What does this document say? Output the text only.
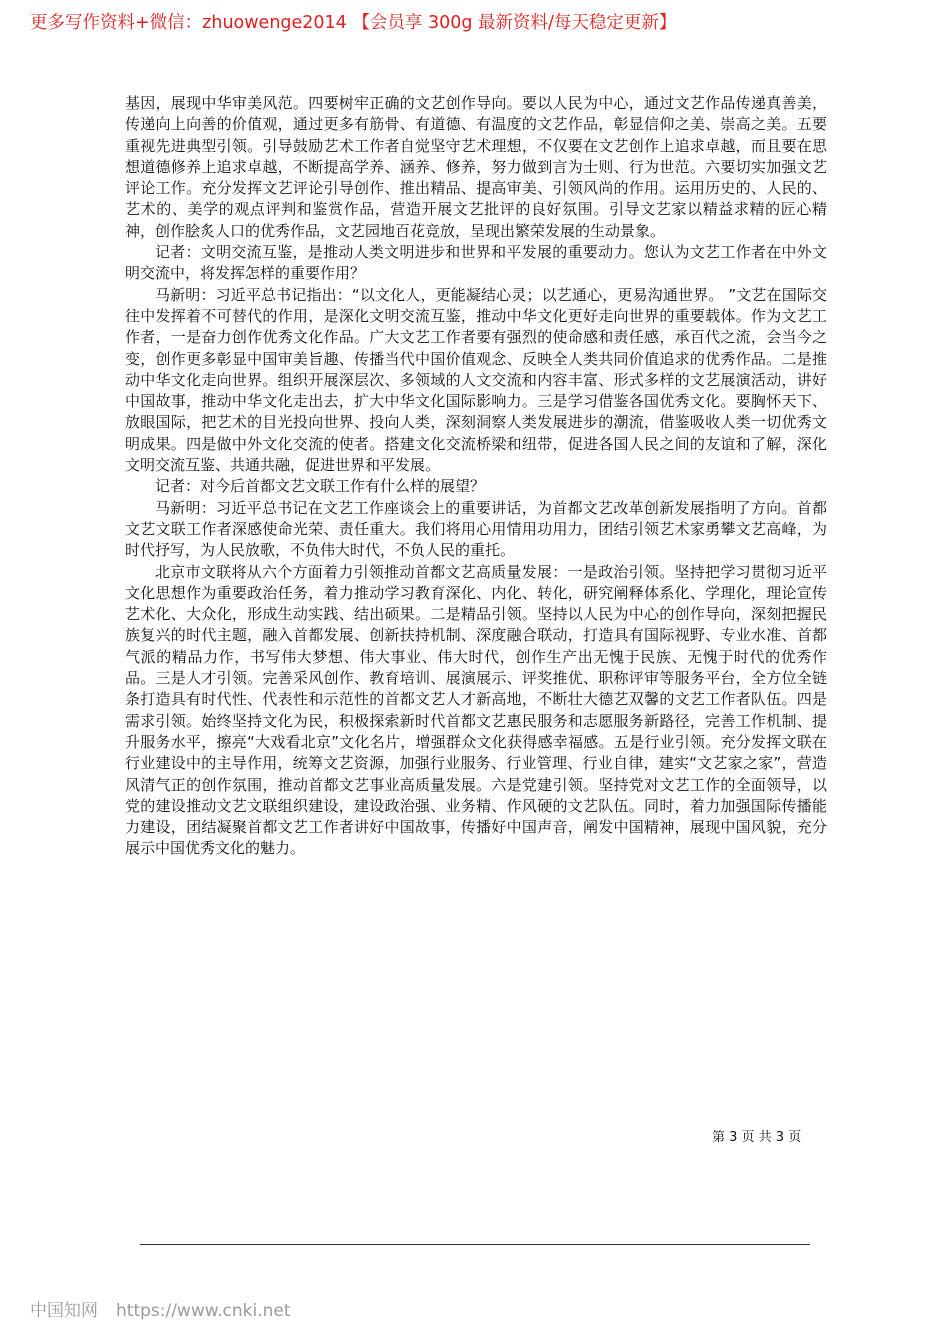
更多写作资料+微信：zhuowenge2014 【会员享 300g 最新资料/每天稳定更新】

基因，展现中华审美风范。四要树牢正确的文艺创作导向。要以人民为中心，通过文艺作品传递真善美，传递向上向善的价值观，通过更多有筋骨、有道德、有温度的文艺作品，彰显信仰之美、崇高之美。五要重视先进典型引领。引导鼓励艺术工作者自觉坚守艺术理想，不仅要在文艺创作上追求卓越，而且要在思想道德修养上追求卓越，不断提高学养、涵养、修养，努力做到言为士则、行为世范。六要切实加强文艺评论工作。充分发挥文艺评论引导创作、推出精品、提高审美、引领风尚的作用。运用历史的、人民的、艺术的、美学的观点评判和鉴赏作品，营造开展文艺批评的良好氛围。引导文艺家以精益求精的匠心精神，创作脍炙人口的优秀作品，文艺园地百花竞放，呈现出繁荣发展的生动景象。

记者：文明交流互鉴，是推动人类文明进步和世界和平发展的重要动力。您认为文艺工作者在中外文明交流中，将发挥怎样的重要作用？

马新明：习近平总书记指出：“以文化人，更能凝结心灵；以艺通心，更易沟通世界。 ”文艺在国际交往中发挥着不可替代的作用，是深化文明交流互鉴，推动中华文化更好走向世界的重要载体。作为文艺工作者，一是奋力创作优秀文化作品。广大文艺工作者要有强烈的使命感和责任感，承百代之流，会当今之变，创作更多彰显中国审美旨趣、传播当代中国价值观念、反映全人类共同价值追求的优秀作品。二是推动中华文化走向世界。组织开展深层次、多领域的人文交流和内容丰富、形式多样的文艺展演活动，讲好中国故事，推动中华文化走出去，扩大中华文化国际影响力。三是学习借鉴各国优秀文化。要胸怀天下、放眼国际，把艺术的目光投向世界、投向人类，深刻洞察人类发展进步的潮流，借鉴吸收人类一切优秀文明成果。四是做中外文化交流的使者。搭建文化交流桥梁和纽带，促进各国人民之间的友谊和了解，深化文明交流互鉴、共通共融，促进世界和平发展。

记者：对今后首都文艺文联工作有什么样的展望？

马新明：习近平总书记在文艺工作座谈会上的重要讲话，为首都文艺改革创新发展指明了方向。首都文艺文联工作者深感使命光荣、责任重大。我们将用心用情用功用力，团结引领艺术家勇攀文艺高峰，为时代抒写，为人民放歌，不负伟大时代，不负人民的重托。

北京市文联将从六个方面着力引领推动首都文艺高质量发展：一是政治引领。坚持把学习贯彻习近平文化思想作为重要政治任务，着力推动学习教育深化、内化、转化，研究阐释体系化、学理化，理论宣传艺术化、大众化，形成生动实践、结出硕果。二是精品引领。坚持以人民为中心的创作导向，深刻把握民族复兴的时代主题，融入首都发展、创新扶持机制、深度融合联动，打造具有国际视野、专业水准、首都气派的精品力作，书写伟大梦想、伟大事业、伟大时代，创作生产出无愧于民族、无愧于时代的优秀作品。三是人才引领。完善采风创作、教育培训、展演展示、评奖推优、职称评审等服务平台，全方位全链条打造具有时代性、代表性和示范性的首都文艺人才新高地，不断壮大德艺双馨的文艺工作者队伍。四是需求引领。始终坚持文化为民，积极探索新时代首都文艺惠民服务和志愿服务新路径，完善工作机制、提升服务水平，擦亮“大戏看北京”文化名片，增强群众文化获得感幸福感。五是行业引领。充分发挥文联在行业建设中的主导作用，统筹文艺资源，加强行业服务、行业管理、行业自律，建实“文艺家之家”，营造风清气正的创作氛围，推动首都文艺事业高质量发展。六是党建引领。坚持党对文艺工作的全面领导，以党的建设推动文艺文联组织建设，建设政治强、业务精、作风硬的文艺队伍。同时，着力加强国际传播能力建设，团结凝聚首都文艺工作者讲好中国故事，传播好中国声音，阐发中国精神，展现中国风貌，充分展示中国优秀文化的魅力。

第 3 页 共 3 页
中国知网 https://www.cnki.net
